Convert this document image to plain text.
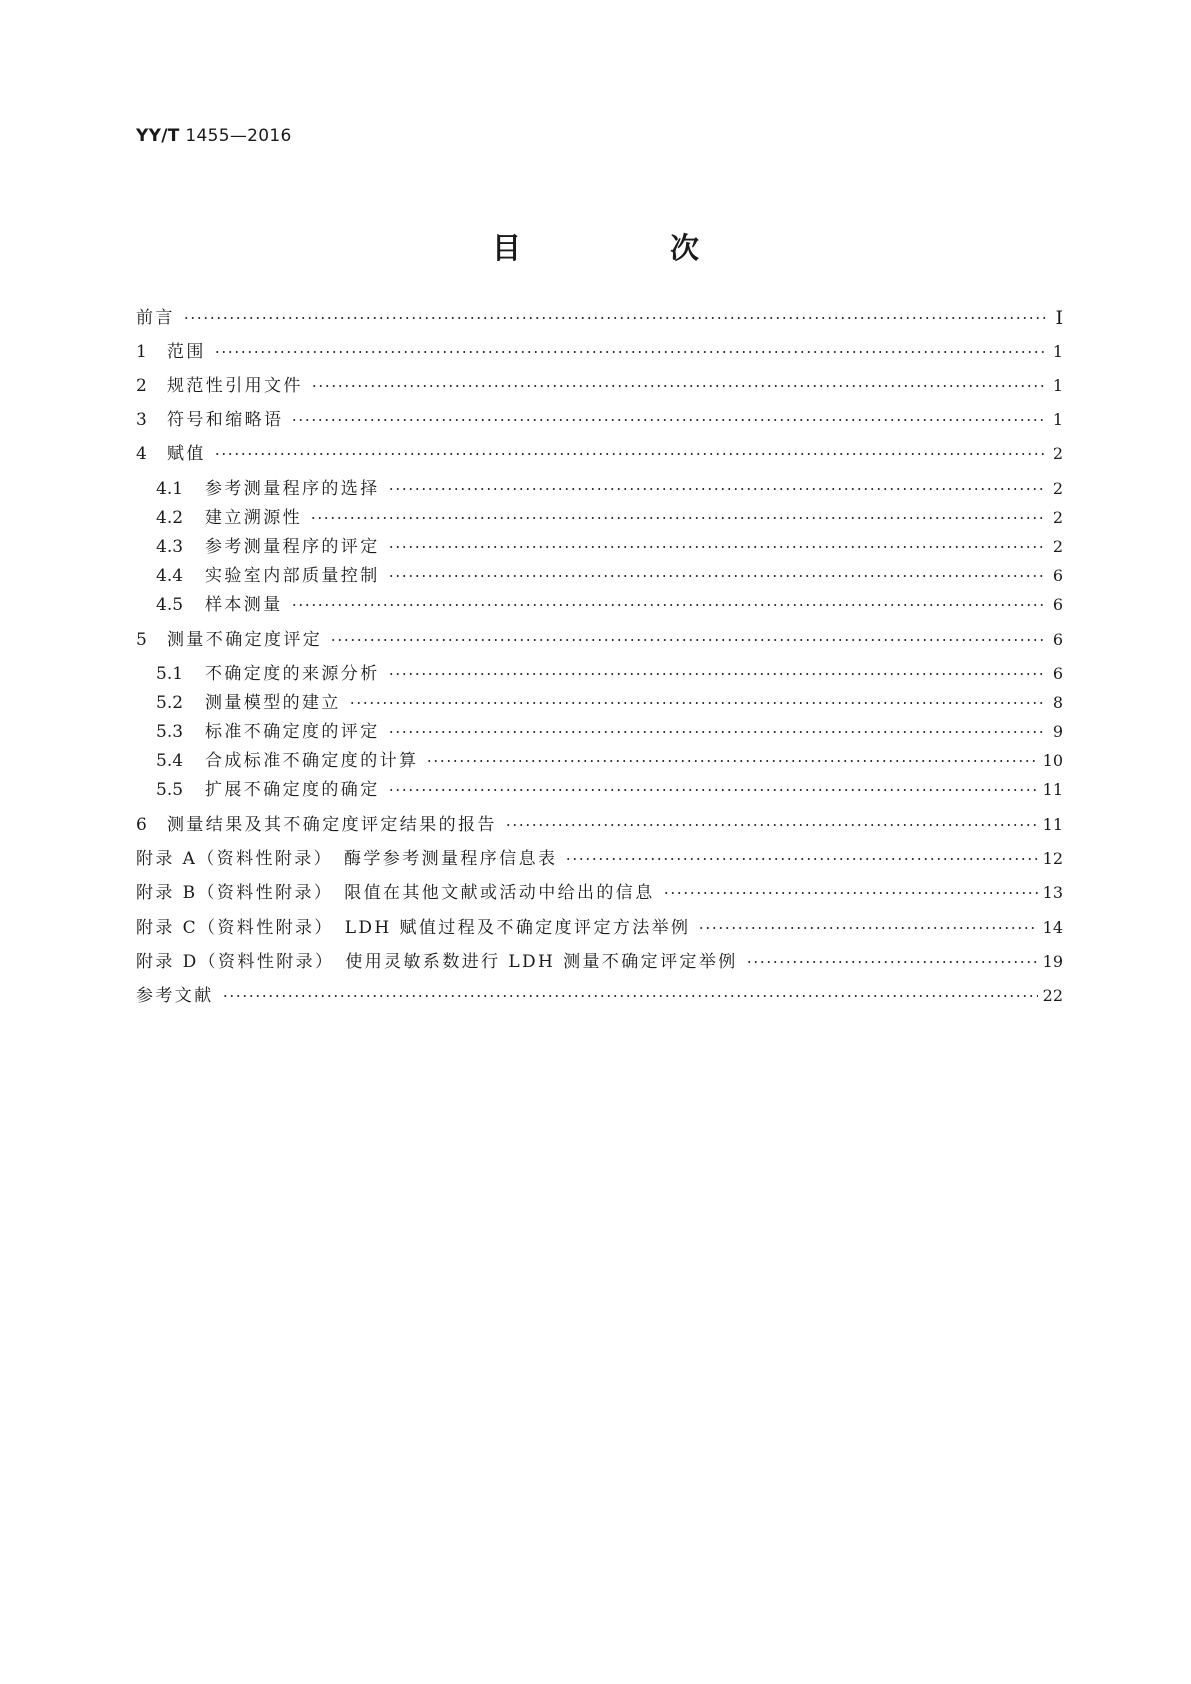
YY/T 1455—2016
目　次
前言	Ⅰ
1	范围	1
2	规范性引用文件	1
3	符号和缩略语	1
4	赋值	2
4.1	参考测量程序的选择	2
4.2	建立溯源性	2
4.3	参考测量程序的评定	2
4.4	实验室内部质量控制	6
4.5	样本测量	6
5	测量不确定度评定	6
5.1	不确定度的来源分析	6
5.2	测量模型的建立	8
5.3	标准不确定度的评定	9
5.4	合成标准不确定度的计算	10
5.5	扩展不确定度的确定	11
6	测量结果及其不确定度评定结果的报告	11
附录 A（资料性附录）　酶学参考测量程序信息表	12
附录 B（资料性附录）　限值在其他文献或活动中给出的信息	13
附录 C（资料性附录）　LDH 赋值过程及不确定度评定方法举例	14
附录 D（资料性附录）　使用灵敏系数进行 LDH 测量不确定评定举例	19
参考文献	22
